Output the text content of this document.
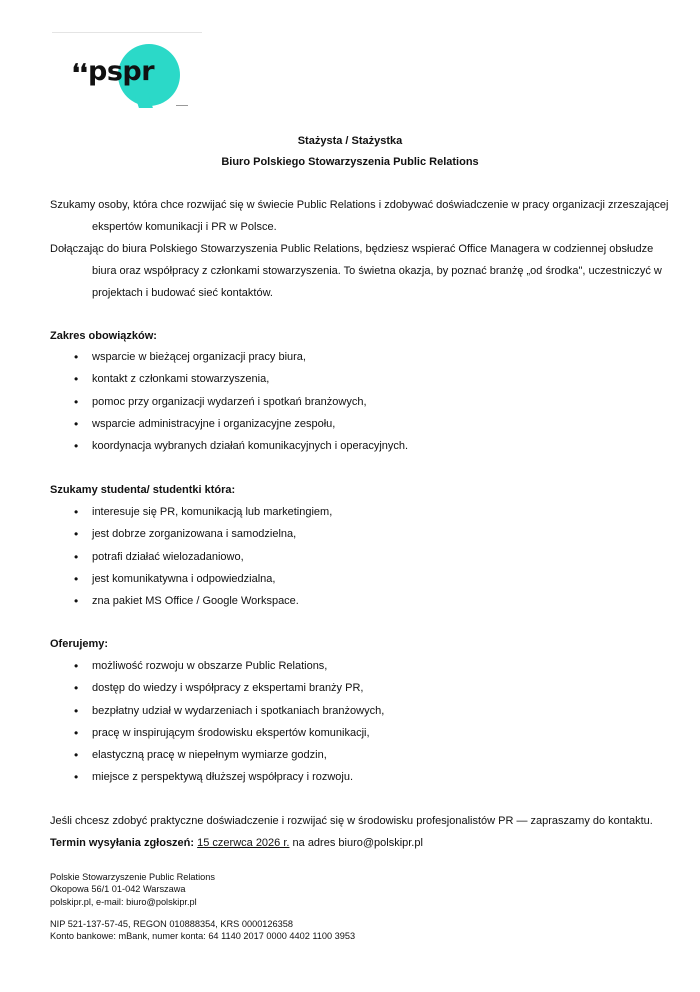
❛❛ pspr
Stażysta / Stażystka
Biuro Polskiego Stowarzyszenia Public Relations

Szukamy osoby, która chce rozwijać się w świecie Public Relations i zdobywać doświadczenie w pracy organizacji zrzeszającej
ekspertów komunikacji i PR w Polsce.

Dołączając do biura Polskiego Stowarzyszenia Public Relations, będziesz wspierać Office Managera w codziennej obsłudze
biura oraz współpracy z członkami stowarzyszenia. To świetna okazja, by poznać branżę „od środka", uczestniczyć w
projektach i budować sieć kontaktów.

Zakres obowiązków:
• wsparcie w bieżącej organizacji pracy biura,
• kontakt z członkami stowarzyszenia,
• pomoc przy organizacji wydarzeń i spotkań branżowych,
• wsparcie administracyjne i organizacyjne zespołu,
• koordynacja wybranych działań komunikacyjnych i operacyjnych.
Szukamy studenta/ studentki która:
• interesuje się PR, komunikacją lub marketingiem,
• jest dobrze zorganizowana i samodzielna,
• potrafi działać wielozadaniowo,
• jest komunikatywna i odpowiedzialna,
• zna pakiet MS Office / Google Workspace.
Oferujemy:
• możliwość rozwoju w obszarze Public Relations,
• dostęp do wiedzy i współpracy z ekspertami branży PR,
• bezpłatny udział w wydarzeniach i spotkaniach branżowych,
• pracę w inspirującym środowisku ekspertów komunikacji,
• elastyczną pracę w niepełnym wymiarze godzin,
• miejsce z perspektywą dłuższej współpracy i rozwoju.

Jeśli chcesz zdobyć praktyczne doświadczenie i rozwijać się w środowisku profesjonalistów PR — zapraszamy do kontaktu.

Termin wysyłania zgłoszeń: 15 czerwca 2026 r. na adres biuro@polskipr.pl

Polskie Stowarzyszenie Public Relations
Okopowa 56/1 01-042 Warszawa
polskipr.pl, e-mail: biuro@polskipr.pl
NIP 521-137-57-45, REGON 010888354, KRS 0000126358
Konto bankowe: mBank, numer konta: 64 1140 2017 0000 4402 1100 3953
